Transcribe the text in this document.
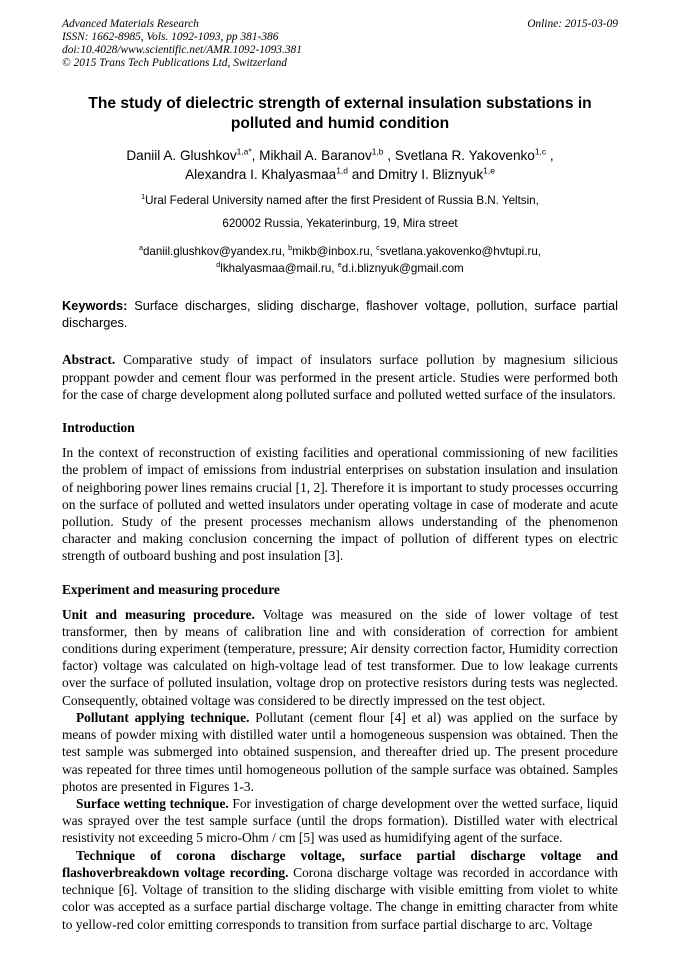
Advanced Materials Research	Online: 2015-03-09
ISSN: 1662-8985, Vols. 1092-1093, pp 381-386
doi:10.4028/www.scientific.net/AMR.1092-1093.381
© 2015 Trans Tech Publications Ltd, Switzerland
The study of dielectric strength of external insulation substations in polluted and humid condition
Daniil A. Glushkov$^{1,a*}$, Mikhail A. Baranov$^{1,b}$ , Svetlana R. Yakovenko$^{1,c}$ ,
Alexandra I. Khalyasmaa$^{1,d}$ and Dmitry I. Bliznyuk$^{1,e}$
$^1$Ural Federal University named after the first President of Russia B.N. Yeltsin,
620002 Russia, Yekaterinburg, 19, Mira street
$^a$daniil.glushkov@yandex.ru, $^b$mikb@inbox.ru, $^c$svetlana.yakovenko@hvtupi.ru,
$^d$lkhalyasmaa@mail.ru, $^e$d.i.bliznyuk@gmail.com

Keywords: Surface discharges, sliding discharge, flashover voltage, pollution, surface partial discharges.

Abstract. Comparative study of impact of insulators surface pollution by magnesium silicious proppant powder and cement flour was performed in the present article. Studies were performed both for the case of charge development along polluted surface and polluted wetted surface of the insulators.

Introduction

In the context of reconstruction of existing facilities and operational commissioning of new facilities the problem of impact of emissions from industrial enterprises on substation insulation and insulation of neighboring power lines remains crucial [1, 2]. Therefore it is important to study processes occurring on the surface of polluted and wetted insulators under operating voltage in case of moderate and acute pollution. Study of the present processes mechanism allows understanding of the phenomenon character and making conclusion concerning the impact of pollution of different types on electric strength of outboard bushing and post insulation [3].

Experiment and measuring procedure

Unit and measuring procedure. Voltage was measured on the side of lower voltage of test transformer, then by means of calibration line and with consideration of correction for ambient conditions during experiment (temperature, pressure; Air density correction factor, Humidity correction factor) voltage was calculated on high-voltage lead of test transformer. Due to low leakage currents over the surface of polluted insulation, voltage drop on protective resistors during tests was neglected. Consequently, obtained voltage was considered to be directly impressed on the test object.

Pollutant applying technique. Pollutant (cement flour [4] et al) was applied on the surface by means of powder mixing with distilled water until a homogeneous suspension was obtained. Then the test sample was submerged into obtained suspension, and thereafter dried up. The present procedure was repeated for three times until homogeneous pollution of the sample surface was obtained. Samples photos are presented in Figures 1-3.

Surface wetting technique. For investigation of charge development over the wetted surface, liquid was sprayed over the test sample surface (until the drops formation). Distilled water with electrical resistivity not exceeding 5 micro-Ohm / cm [5] was used as humidifying agent of the surface.

Technique of corona discharge voltage, surface partial discharge voltage and flashoverbreakdown voltage recording. Corona discharge voltage was recorded in accordance with technique [6]. Voltage of transition to the sliding discharge with visible emitting from violet to white color was accepted as a surface partial discharge voltage. The change in emitting character from white to yellow-red color emitting corresponds to transition from surface partial discharge to arc. Voltage
